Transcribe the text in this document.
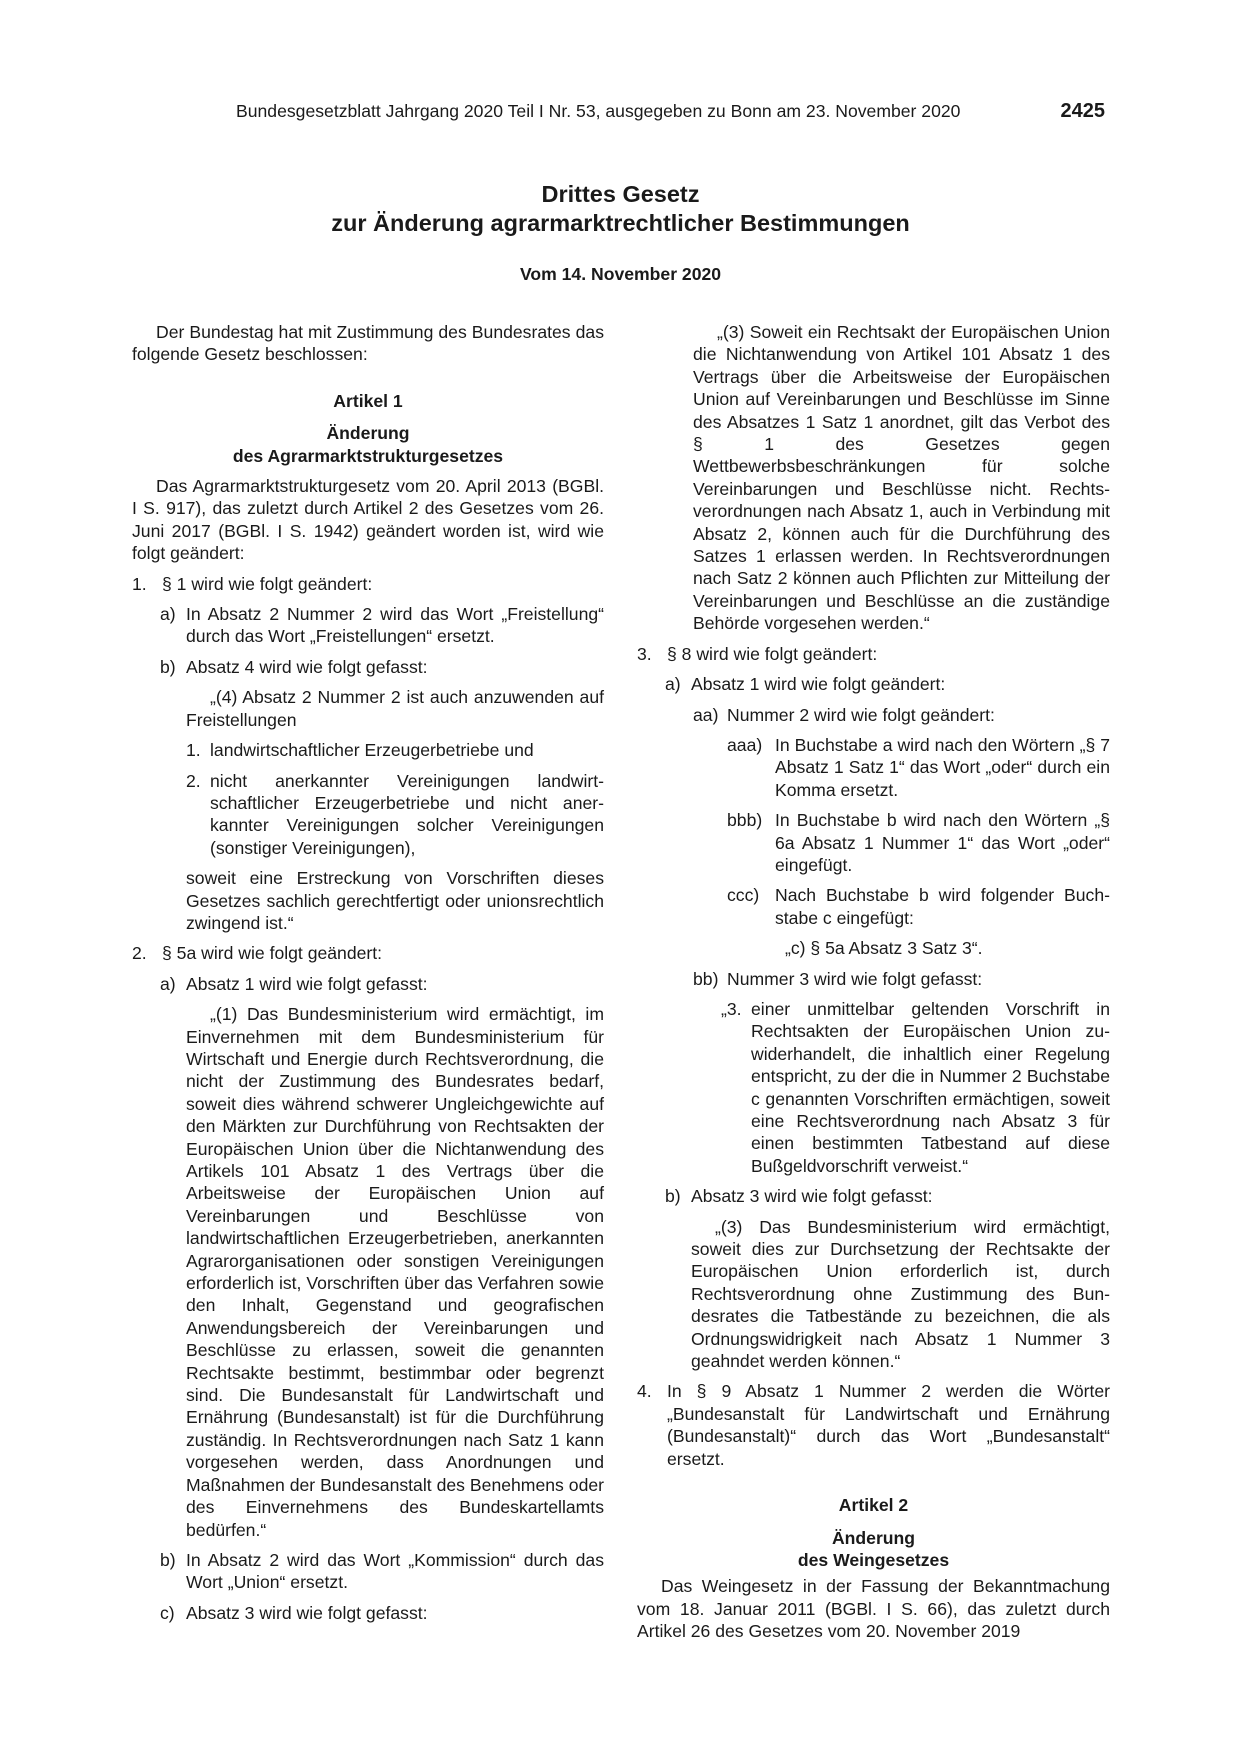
Bundesgesetzblatt Jahrgang 2020 Teil I Nr. 53, ausgegeben zu Bonn am 23. November 2020	2425
Drittes Gesetz
zur Änderung agrarmarktrechtlicher Bestimmungen
Vom 14. November 2020

Der Bundestag hat mit Zustimmung des Bundesrates das folgende Gesetz beschlossen:

Artikel 1
Änderung
des Agrarmarktstrukturgesetzes

Das Agrarmarktstrukturgesetz vom 20. April 2013 (BGBl. I S. 917), das zuletzt durch Artikel 2 des Gesetzes vom 26. Juni 2017 (BGBl. I S. 1942) geändert worden ist, wird wie folgt geändert:

1. § 1 wird wie folgt geändert:
a) In Absatz 2 Nummer 2 wird das Wort „Freistellung“ durch das Wort „Freistellungen“ ersetzt.
b) Absatz 4 wird wie folgt gefasst:

„(4) Absatz 2 Nummer 2 ist auch anzuwenden auf Freistellungen

1. landwirtschaftlicher Erzeugerbetriebe und
2. nicht anerkannter Vereinigungen landwirtschaftlicher Erzeugerbetriebe und nicht anerkannter Vereinigungen solcher Vereinigungen (sonstiger Vereinigungen),

soweit eine Erstreckung von Vorschriften dieses Gesetzes sachlich gerechtfertigt oder unionsrechtlich zwingend ist.“

2. § 5a wird wie folgt geändert:
a) Absatz 1 wird wie folgt gefasst:

„(1) Das Bundesministerium wird ermächtigt, im Einvernehmen mit dem Bundesministerium für Wirtschaft und Energie durch Rechtsverordnung, die nicht der Zustimmung des Bundesrates bedarf, soweit dies während schwerer Ungleichgewichte auf den Märkten zur Durchführung von Rechtsakten der Europäischen Union über die Nichtanwendung des Artikels 101 Absatz 1 des Vertrags über die Arbeitsweise der Europäischen Union auf Vereinbarungen und Beschlüsse von landwirtschaftlichen Erzeugerbetrieben, anerkannten Agrarorganisationen oder sonstigen Vereinigungen erforderlich ist, Vorschriften über das Verfahren sowie den Inhalt, Gegenstand und geografischen Anwendungsbereich der Vereinbarungen und Beschlüsse zu erlassen, soweit die genannten Rechtsakte bestimmt, bestimmbar oder begrenzt sind. Die Bundesanstalt für Landwirtschaft und Ernährung (Bundesanstalt) ist für die Durchführung zuständig. In Rechtsverordnungen nach Satz 1 kann vorgesehen werden, dass Anordnungen und Maßnahmen der Bundesanstalt des Benehmens oder des Einvernehmens des Bundeskartellamts bedürfen.“

b) In Absatz 2 wird das Wort „Kommission“ durch das Wort „Union“ ersetzt.
c) Absatz 3 wird wie folgt gefasst:

„(3) Soweit ein Rechtsakt der Europäischen Union die Nichtanwendung von Artikel 101 Absatz 1 des Vertrags über die Arbeitsweise der Europäischen Union auf Vereinbarungen und Beschlüsse im Sinne des Absatzes 1 Satz 1 anordnet, gilt das Verbot des § 1 des Gesetzes gegen Wettbewerbsbeschränkungen für solche Vereinbarungen und Beschlüsse nicht. Rechtsverordnungen nach Absatz 1, auch in Verbindung mit Absatz 2, können auch für die Durchführung des Satzes 1 erlassen werden. In Rechtsverordnungen nach Satz 2 können auch Pflichten zur Mitteilung der Vereinbarungen und Beschlüsse an die zuständige Behörde vorgesehen werden.“

3. § 8 wird wie folgt geändert:
a) Absatz 1 wird wie folgt geändert:
aa) Nummer 2 wird wie folgt geändert:
aaa) In Buchstabe a wird nach den Wörtern „§ 7 Absatz 1 Satz 1“ das Wort „oder“ durch ein Komma ersetzt.
bbb) In Buchstabe b wird nach den Wörtern „§ 6a Absatz 1 Nummer 1“ das Wort „oder“ eingefügt.
ccc) Nach Buchstabe b wird folgender Buchstabe c eingefügt:

„c) § 5a Absatz 3 Satz 3“.

bb) Nummer 3 wird wie folgt gefasst:
„3. einer unmittelbar geltenden Vorschrift in Rechtsakten der Europäischen Union zuwiderhandelt, die inhaltlich einer Regelung entspricht, zu der die in Nummer 2 Buchstabe c genannten Vorschriften ermächtigen, soweit eine Rechtsverordnung nach Absatz 3 für einen bestimmten Tatbestand auf diese Bußgeldvorschrift verweist.“
b) Absatz 3 wird wie folgt gefasst:

„(3) Das Bundesministerium wird ermächtigt, soweit dies zur Durchsetzung der Rechtsakte der Europäischen Union erforderlich ist, durch Rechtsverordnung ohne Zustimmung des Bundesrates die Tatbestände zu bezeichnen, die als Ordnungswidrigkeit nach Absatz 1 Nummer 3 geahndet werden können.“

4. In § 9 Absatz 1 Nummer 2 werden die Wörter „Bundesanstalt für Landwirtschaft und Ernährung (Bundesanstalt)“ durch das Wort „Bundesanstalt“ ersetzt.
Artikel 2
Änderung
des Weingesetzes

Das Weingesetz in der Fassung der Bekanntmachung vom 18. Januar 2011 (BGBl. I S. 66), das zuletzt durch Artikel 26 des Gesetzes vom 20. November 2019
